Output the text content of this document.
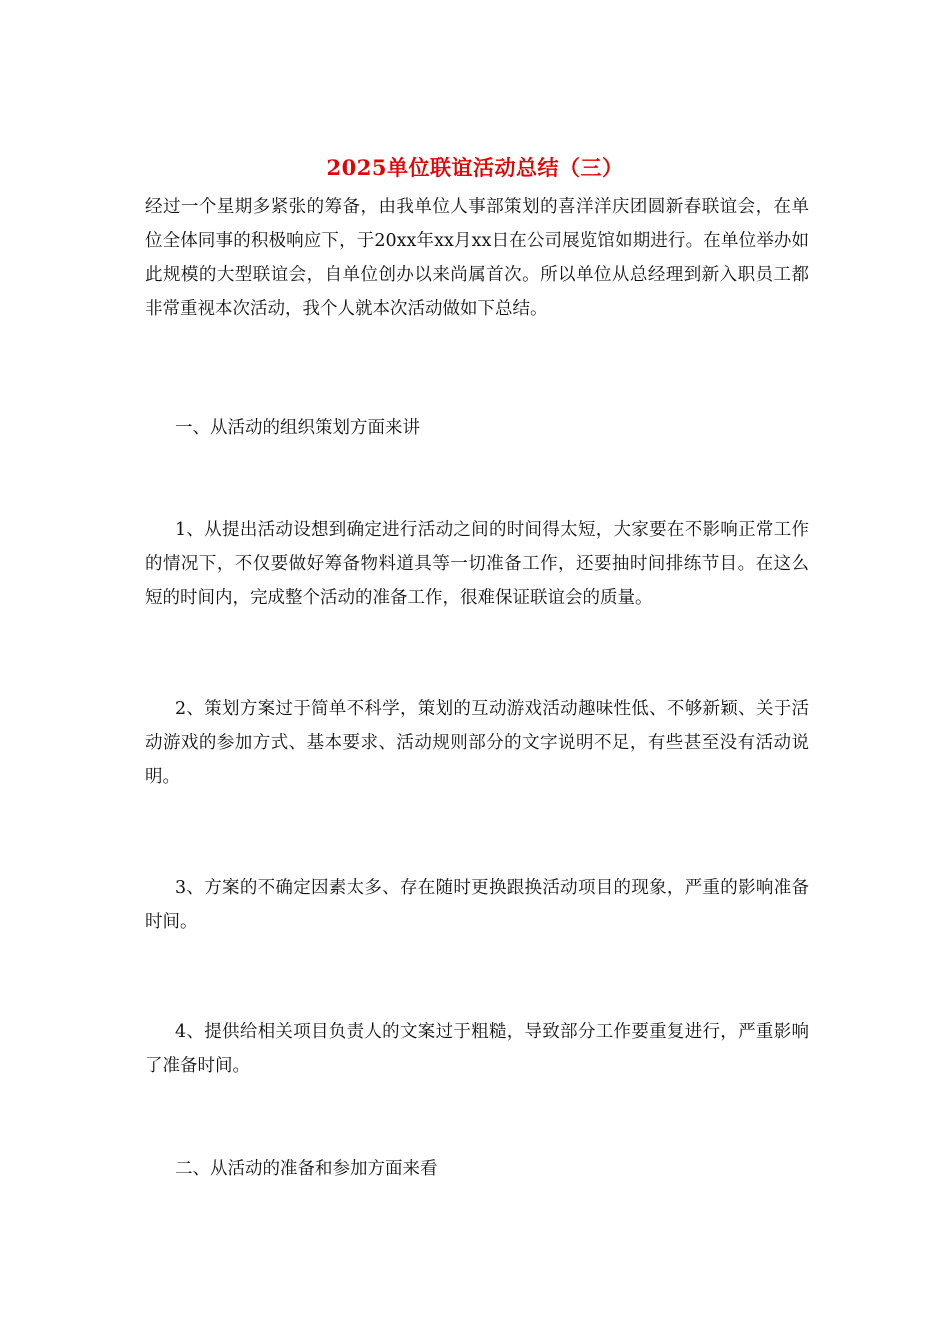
2025单位联谊活动总结（三）
经过一个星期多紧张的筹备，由我单位人事部策划的喜洋洋庆团圆新春联谊会，在单位全体同事的积极响应下，于20xx年xx月xx日在公司展览馆如期进行。在单位举办如此规模的大型联谊会，自单位创办以来尚属首次。所以单位从总经理到新入职员工都非常重视本次活动，我个人就本次活动做如下总结。
一、从活动的组织策划方面来讲
1、从提出活动设想到确定进行活动之间的时间得太短，大家要在不影响正常工作的情况下，不仅要做好筹备物料道具等一切准备工作，还要抽时间排练节目。在这么短的时间内，完成整个活动的准备工作，很难保证联谊会的质量。
2、策划方案过于简单不科学，策划的互动游戏活动趣味性低、不够新颖、关于活动游戏的参加方式、基本要求、活动规则部分的文字说明不足，有些甚至没有活动说明。
3、方案的不确定因素太多、存在随时更换跟换活动项目的现象，严重的影响准备时间。
4、提供给相关项目负责人的文案过于粗糙，导致部分工作要重复进行，严重影响了准备时间。
二、从活动的准备和参加方面来看
